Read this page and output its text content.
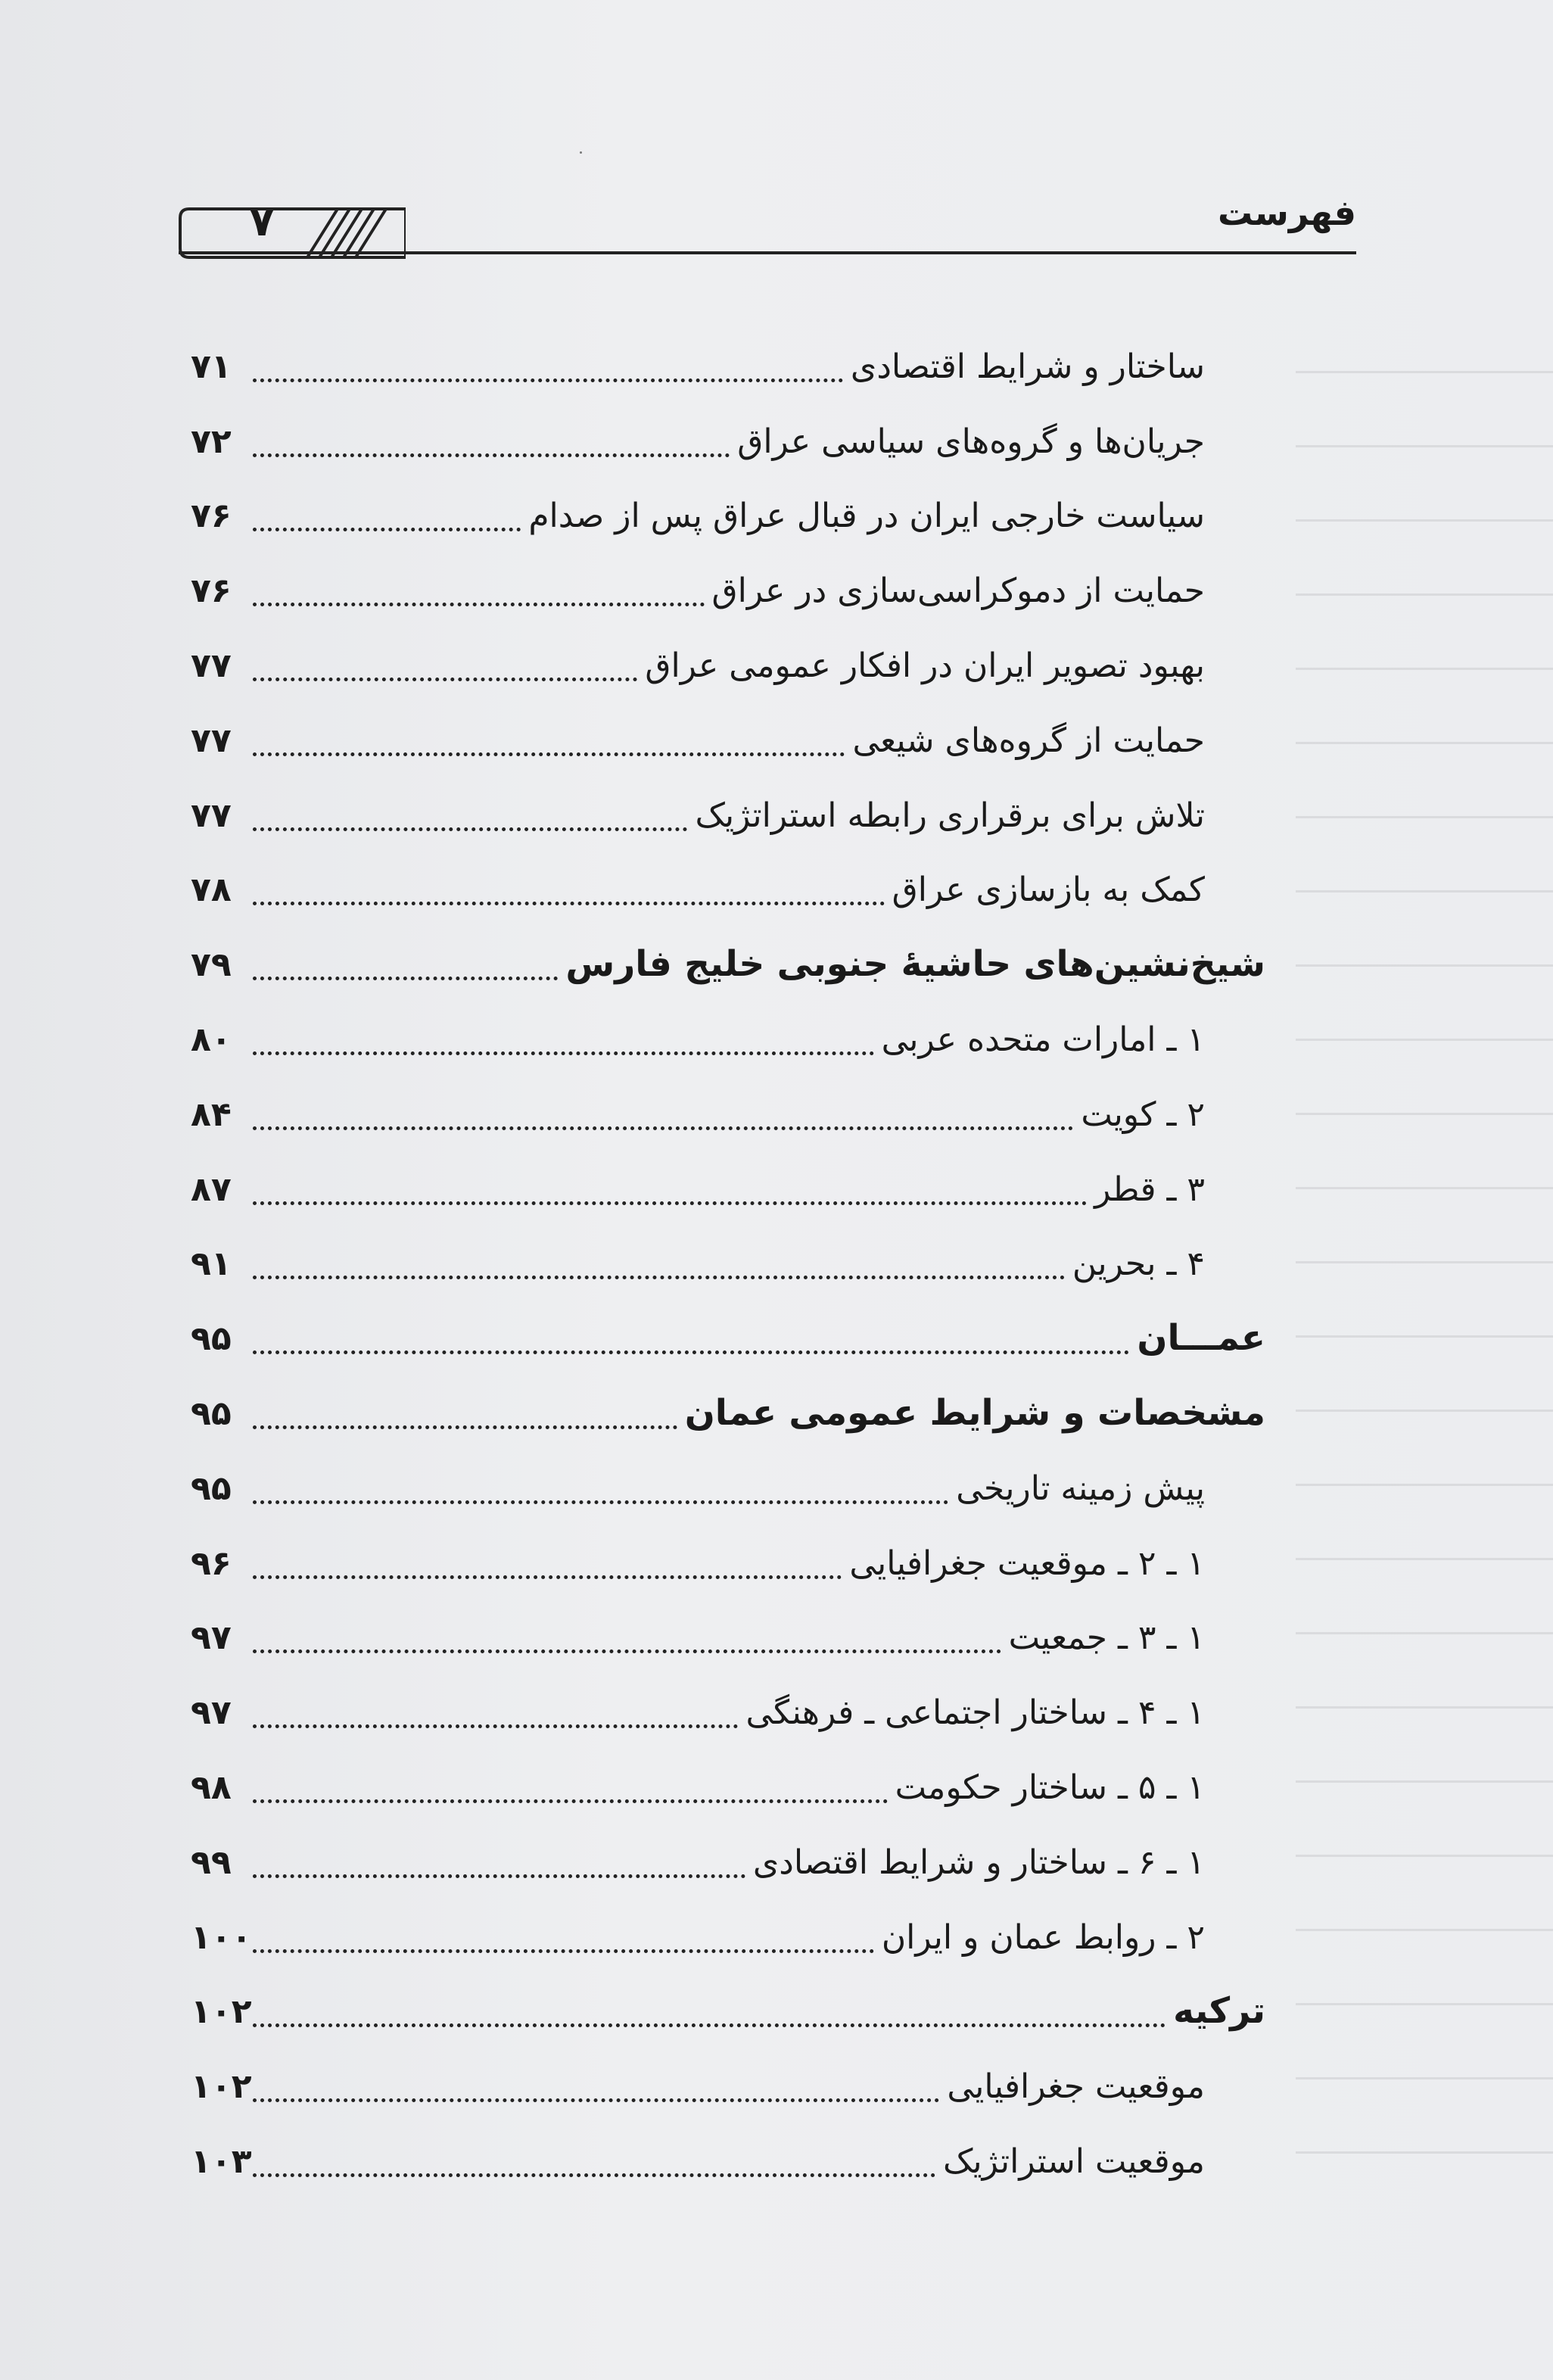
فهرست
۷
۷۱	ساختار و شرایط اقتصادی
۷۲	جریان‌ها و گروه‌های سیاسی عراق
۷۶	سیاست خارجی ایران در قبال عراق پس از صدام
۷۶	حمایت از دموکراسی‌سازی در عراق
۷۷	بهبود تصویر ایران در افکار عمومی عراق
۷۷	حمایت از گروه‌های شیعی
۷۷	تلاش برای برقراری رابطه استراتژیک
۷۸	کمک به بازسازی عراق
۷۹	شیخ‌نشین‌های حاشیهٔ جنوبی خلیج فارس
۸۰	۱ ـ امارات متحده عربی
۸۴	۲ ـ کویت
۸۷	۳ ـ قطر
۹۱	۴ ـ بحرین
۹۵	عمـــان
۹۵	مشخصات و شرایط عمومی عمان
۹۵	پیش زمینه تاریخی
۹۶	۱ ـ ۲ ـ موقعیت جغرافیایی
۹۷	۱ ـ ۳ ـ جمعیت
۹۷	۱ ـ ۴ ـ ساختار اجتماعی ـ فرهنگی
۹۸	۱ ـ ۵ ـ ساختار حکومت
۹۹	۱ ـ ۶ ـ ساختار و شرایط اقتصادی
۱۰۰	۲ ـ روابط عمان و ایران
۱۰۲	ترکیه
۱۰۲	موقعیت جغرافیایی
۱۰۳	موقعیت استراتژیک
